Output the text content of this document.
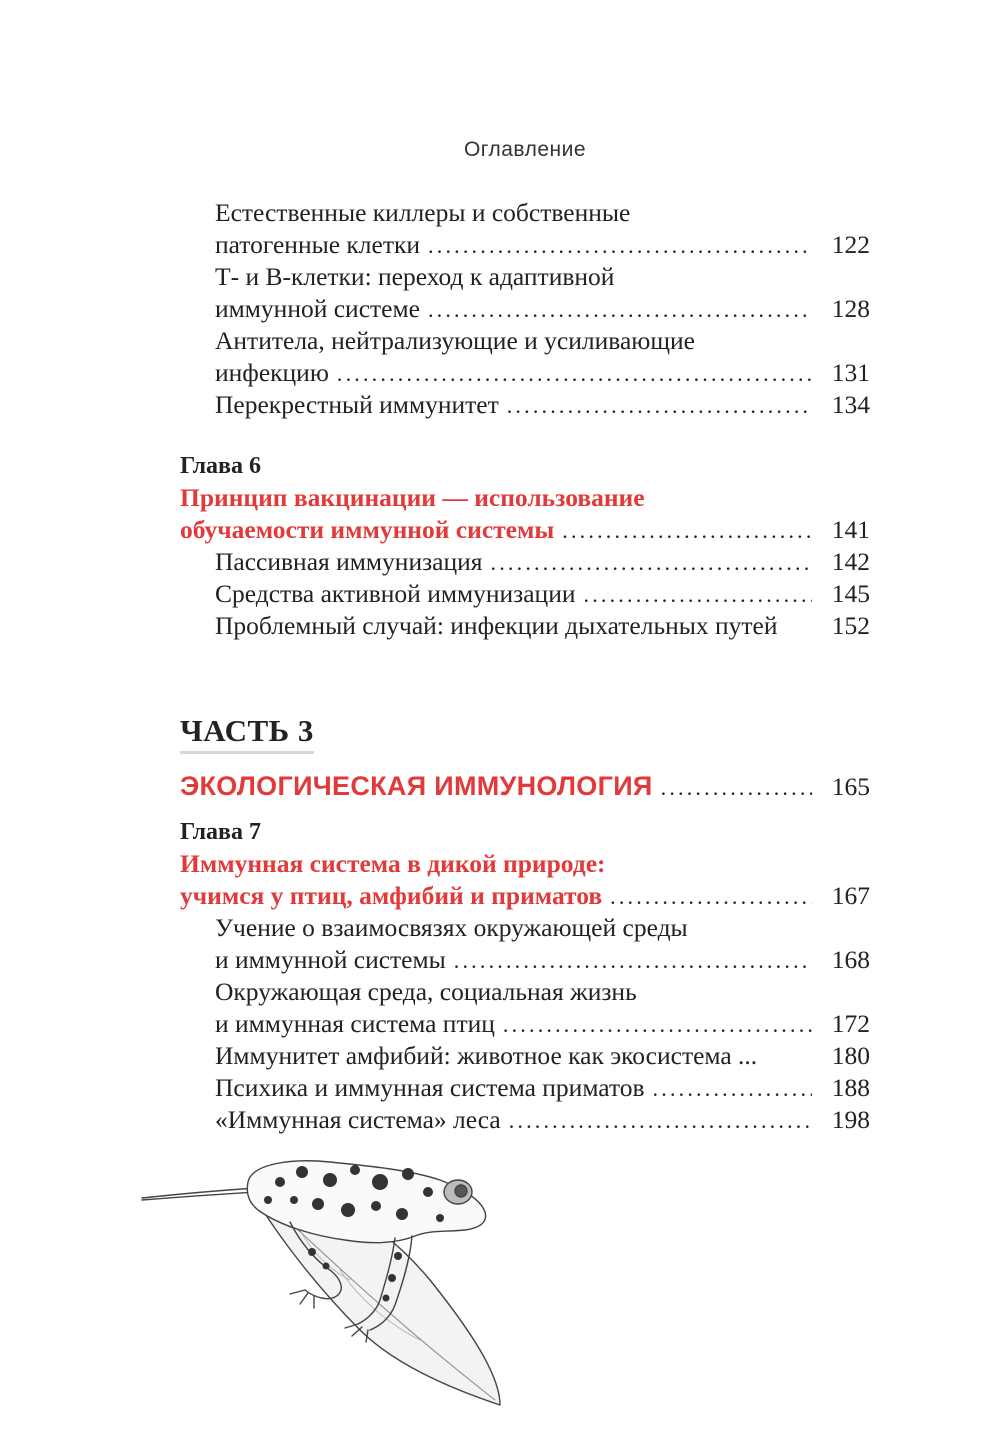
Оглавление
Естественные киллеры и собственные
патогенные клетки .....	122
Т- и В-клетки: переход к адаптивной
иммунной системе .....	128
Антитела, нейтрализующие и усиливающие
инфекцию .....	131
Перекрестный иммунитет .....	134
Глава 6
Принцип вакцинации — использование
обучаемости иммунной системы .....	141
Пассивная иммунизация .....	142
Средства активной иммунизации .....	145
Проблемный случай: инфекции дыхательных путей	152
ЧАСТЬ 3
ЭКОЛОГИЧЕСКАЯ ИММУНОЛОГИЯ .....	165
Глава 7
Иммунная система в дикой природе:
учимся у птиц, амфибий и приматов .....	167
Учение о взаимосвязях окружающей среды
и иммунной системы .....	168
Окружающая среда, социальная жизнь
и иммунная система птиц .....	172
Иммунитет амфибий: животное как экосистема ...	180
Психика и иммунная система приматов .....	188
«Иммунная система» леса .....	198
